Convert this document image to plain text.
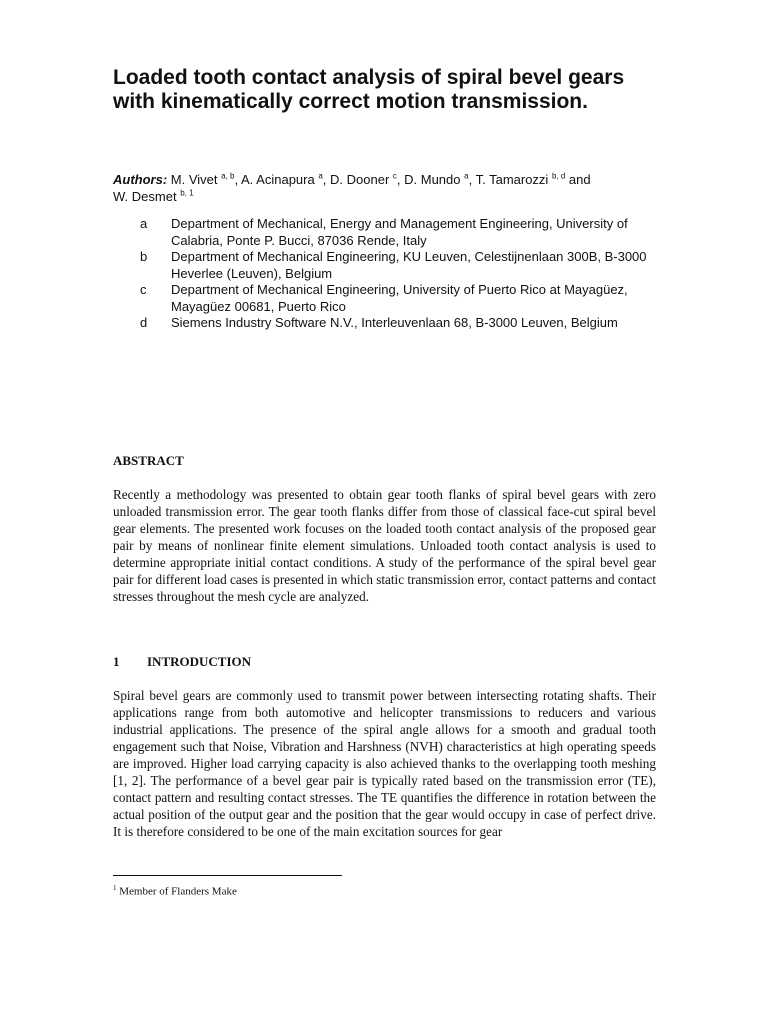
Loaded tooth contact analysis of spiral bevel gears with kinematically correct motion transmission.
Authors: M. Vivet $^{a, b}$, A. Acinapura $^a$, D. Dooner $^c$, D. Mundo $^a$, T. Tamarozzi $^{b, d}$ and
W. Desmet $^{b, 1}$
a Department of Mechanical, Energy and Management Engineering, University of Calabria, Ponte P. Bucci, 87036 Rende, Italy
b Department of Mechanical Engineering, KU Leuven, Celestijnenlaan 300B, B-3000 Heverlee (Leuven), Belgium
c Department of Mechanical Engineering, University of Puerto Rico at Mayagüez, Mayagüez 00681, Puerto Rico
d Siemens Industry Software N.V., Interleuvenlaan 68, B-3000 Leuven, Belgium
ABSTRACT

Recently a methodology was presented to obtain gear tooth flanks of spiral bevel gears with zero unloaded transmission error. The gear tooth flanks differ from those of classical face-cut spiral bevel gear elements. The presented work focuses on the loaded tooth contact analysis of the proposed gear pair by means of nonlinear finite element simulations. Unloaded tooth contact analysis is used to determine appropriate initial contact conditions. A study of the performance of the spiral bevel gear pair for different load cases is presented in which static transmission error, contact patterns and contact stresses throughout the mesh cycle are analyzed.

1 INTRODUCTION

Spiral bevel gears are commonly used to transmit power between intersecting rotating shafts. Their applications range from both automotive and helicopter transmissions to reducers and various industrial applications. The presence of the spiral angle allows for a smooth and gradual tooth engagement such that Noise, Vibration and Harshness (NVH) characteristics at high operating speeds are improved. Higher load carrying capacity is also achieved thanks to the overlapping tooth meshing [1, 2]. The performance of a bevel gear pair is typically rated based on the transmission error (TE), contact pattern and resulting contact stresses. The TE quantifies the difference in rotation between the actual position of the output gear and the position that the gear would occupy in case of perfect drive. It is therefore considered to be one of the main excitation sources for gear

$^1$ Member of Flanders Make
